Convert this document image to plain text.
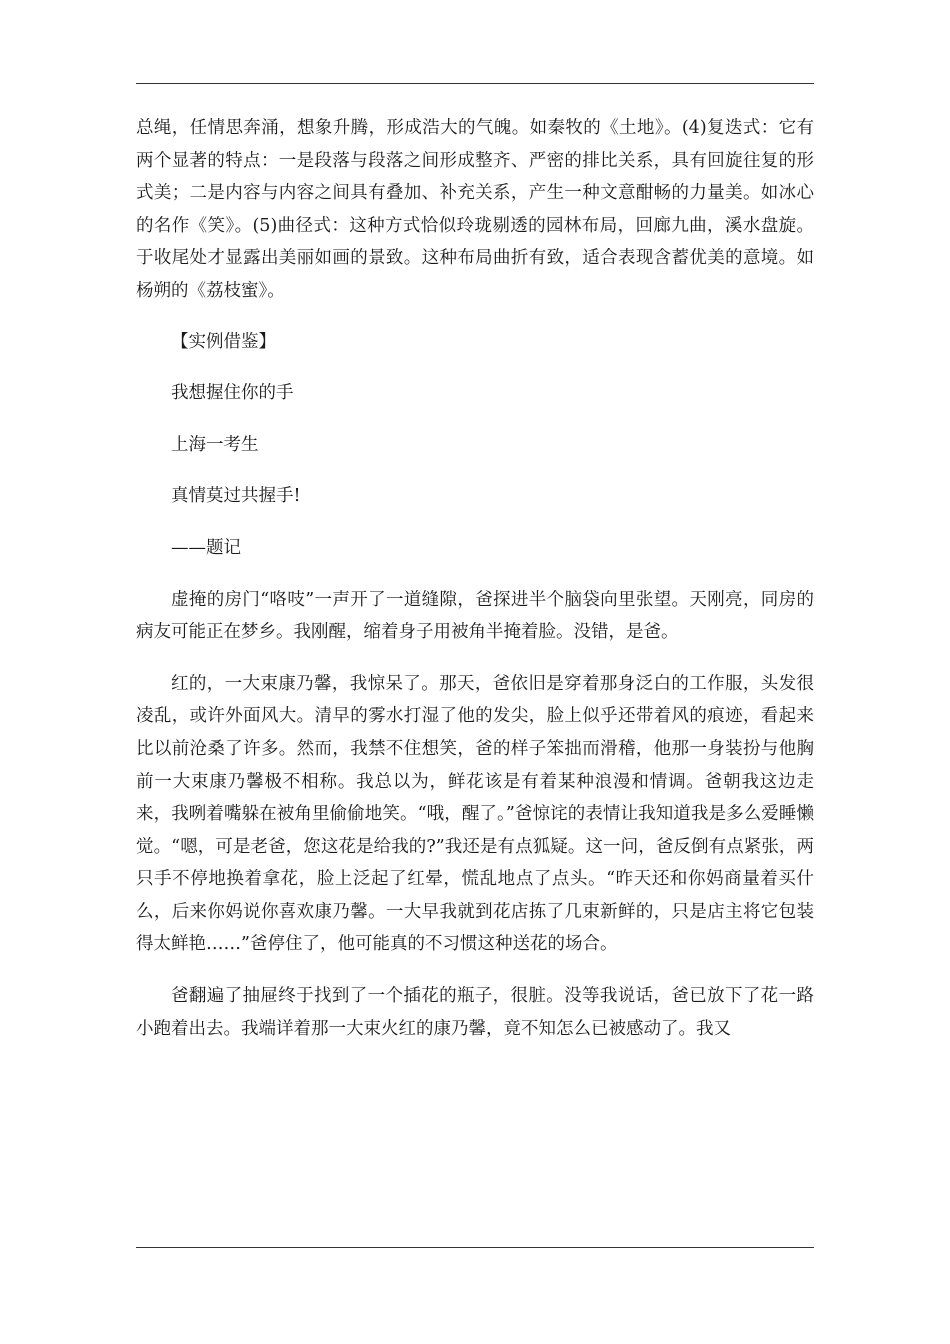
总绳，任情思奔涌，想象升腾，形成浩大的气魄。如秦牧的《土地》。(4)复迭式：它有两个显著的特点：一是段落与段落之间形成整齐、严密的排比关系，具有回旋往复的形式美；二是内容与内容之间具有叠加、补充关系，产生一种文意酣畅的力量美。如冰心的名作《笑》。(5)曲径式：这种方式恰似玲珑剔透的园林布局，回廊九曲，溪水盘旋。于收尾处才显露出美丽如画的景致。这种布局曲折有致，适合表现含蓄优美的意境。如杨朔的《荔枝蜜》。

【实例借鉴】

我想握住你的手

上海一考生

真情莫过共握手!

——题记

虚掩的房门“咯吱”一声开了一道缝隙，爸探进半个脑袋向里张望。天刚亮，同房的病友可能正在梦乡。我刚醒，缩着身子用被角半掩着脸。没错，是爸。

红的，一大束康乃馨，我惊呆了。那天，爸依旧是穿着那身泛白的工作服，头发很凌乱，或许外面风大。清早的雾水打湿了他的发尖，脸上似乎还带着风的痕迹，看起来比以前沧桑了许多。然而，我禁不住想笑，爸的样子笨拙而滑稽，他那一身装扮与他胸前一大束康乃馨极不相称。我总以为，鲜花该是有着某种浪漫和情调。爸朝我这边走来，我咧着嘴躲在被角里偷偷地笑。“哦，醒了。”爸惊诧的表情让我知道我是多么爱睡懒觉。“嗯，可是老爸，您这花是给我的?”我还是有点狐疑。这一问，爸反倒有点紧张，两只手不停地换着拿花，脸上泛起了红晕，慌乱地点了点头。“昨天还和你妈商量着买什么，后来你妈说你喜欢康乃馨。一大早我就到花店拣了几束新鲜的，只是店主将它包装得太鲜艳……”爸停住了，他可能真的不习惯这种送花的场合。

爸翻遍了抽屉终于找到了一个插花的瓶子，很脏。没等我说话，爸已放下了花一路小跑着出去。我端详着那一大束火红的康乃馨，竟不知怎么已被感动了。我又
